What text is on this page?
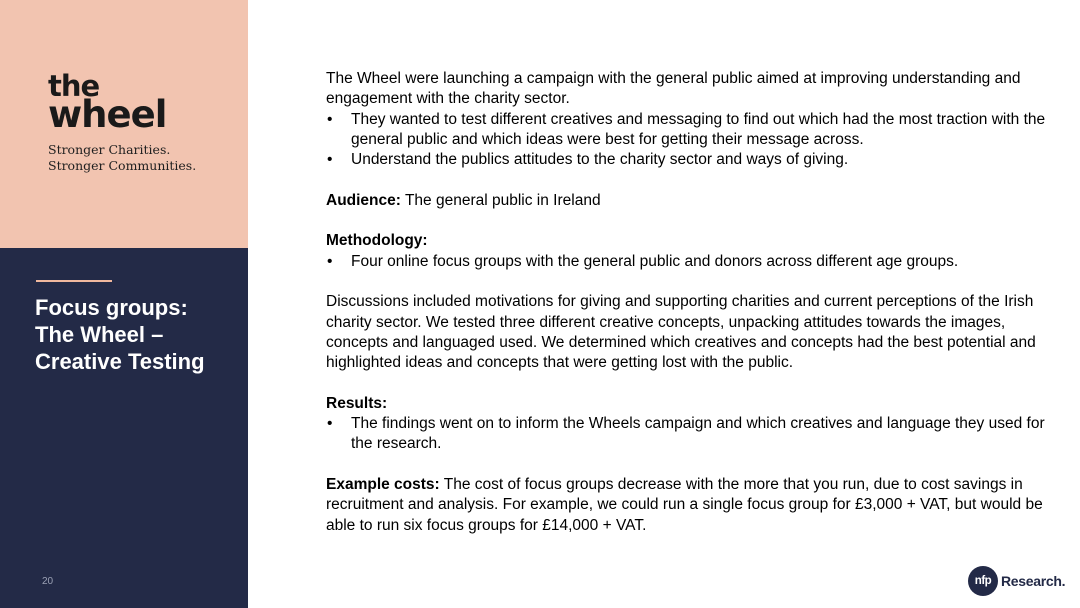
the
wheel
Stronger Charities.
Stronger Communities.
Focus groups:
The Wheel –
Creative Testing
20

The Wheel were launching a campaign with the general public aimed at improving understanding and engagement with the charity sector.

• They wanted to test different creatives and messaging to find out which had the most traction with the general public and which ideas were best for getting their message across.

• Understand the publics attitudes to the charity sector and ways of giving.

Audience: The general public in Ireland

Methodology:

• Four online focus groups with the general public and donors across different age groups.

Discussions included motivations for giving and supporting charities and current perceptions of the Irish charity sector. We tested three different creative concepts, unpacking attitudes towards the images, concepts and languaged used. We determined which creatives and concepts had the best potential and highlighted ideas and concepts that were getting lost with the public.

Results:

• The findings went on to inform the Wheels campaign and which creatives and language they used for the research.

Example costs: The cost of focus groups decrease with the more that you run, due to cost savings in recruitment and analysis. For example, we could run a single focus group for £3,000 + VAT, but would be able to run six focus groups for £14,000 + VAT.

nfp Research.
